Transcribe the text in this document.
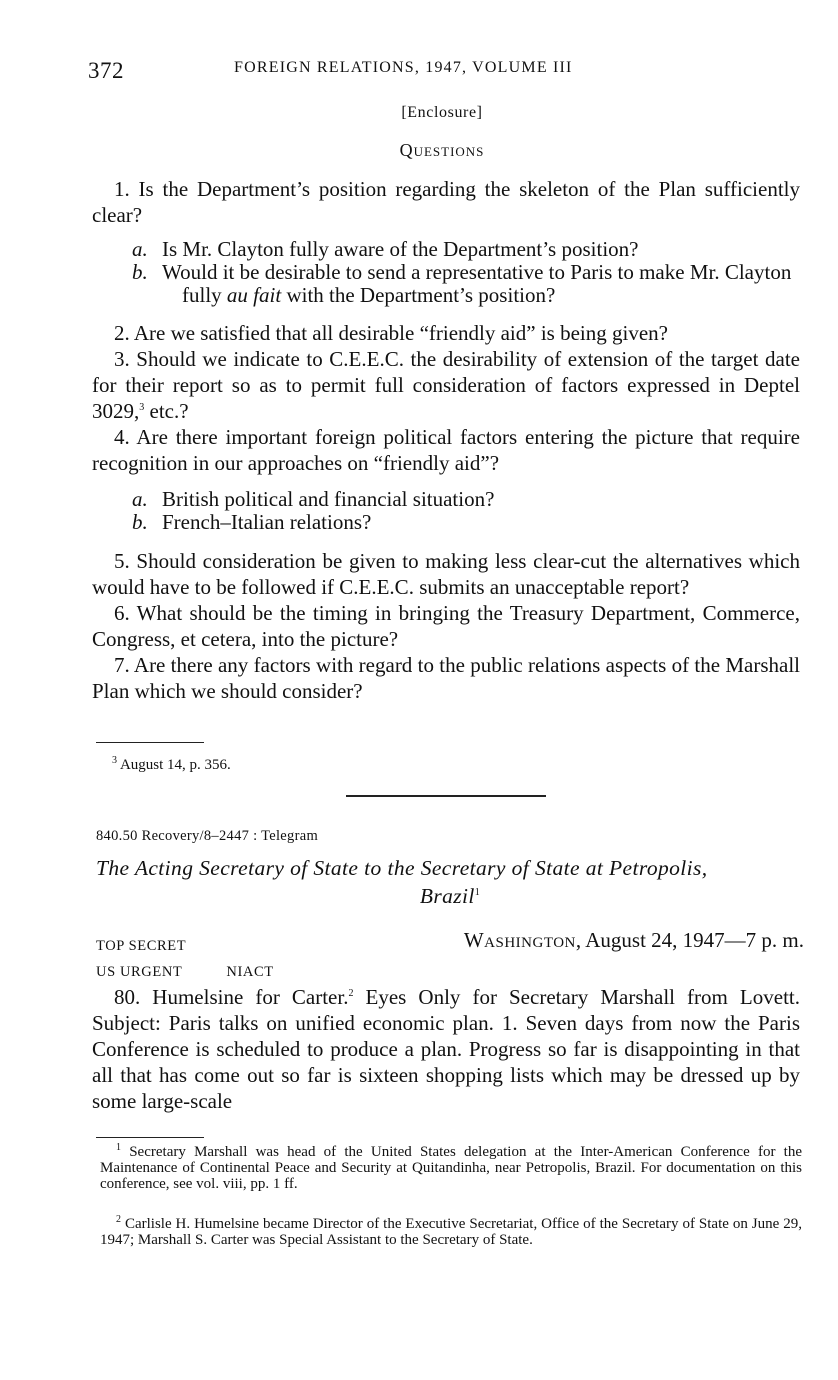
372	FOREIGN RELATIONS, 1947, VOLUME III
[Enclosure]
Questions

1. Is the Department’s position regarding the skeleton of the Plan sufficiently clear?

a. Is Mr. Clayton fully aware of the Department’s position?
b. Would it be desirable to send a representative to Paris to make Mr. Clayton fully au fait with the Department’s position?

2. Are we satisfied that all desirable “friendly aid” is being given?

3. Should we indicate to C.E.E.C. the desirability of extension of the target date for their report so as to permit full consideration of factors expressed in Deptel 3029,$^3$ etc.?

4. Are there important foreign political factors entering the picture that require recognition in our approaches on “friendly aid”?

a. British political and financial situation?
b. French–Italian relations?

5. Should consideration be given to making less clear-cut the alternatives which would have to be followed if C.E.E.C. submits an unacceptable report?

6. What should be the timing in bringing the Treasury Department, Commerce, Congress, et cetera, into the picture?

7. Are there any factors with regard to the public relations aspects of the Marshall Plan which we should consider?

$^3$ August 14, p. 356.
840.50 Recovery/8–2447 : Telegram
The Acting Secretary of State to the Secretary of State at Petropolis,
Brazil$^1$
TOP SECRET	Washington, August 24, 1947—7 p. m.
US URGENT	NIACT

80. Humelsine for Carter.$^2$ Eyes Only for Secretary Marshall from Lovett. Subject: Paris talks on unified economic plan. 1. Seven days from now the Paris Conference is scheduled to produce a plan. Progress so far is disappointing in that all that has come out so far is sixteen shopping lists which may be dressed up by some large-scale

$^1$ Secretary Marshall was head of the United States delegation at the Inter-American Conference for the Maintenance of Continental Peace and Security at Quitandinha, near Petropolis, Brazil. For documentation on this conference, see vol. viii, pp. 1 ff.
$^2$ Carlisle H. Humelsine became Director of the Executive Secretariat, Office of the Secretary of State on June 29, 1947; Marshall S. Carter was Special Assistant to the Secretary of State.
